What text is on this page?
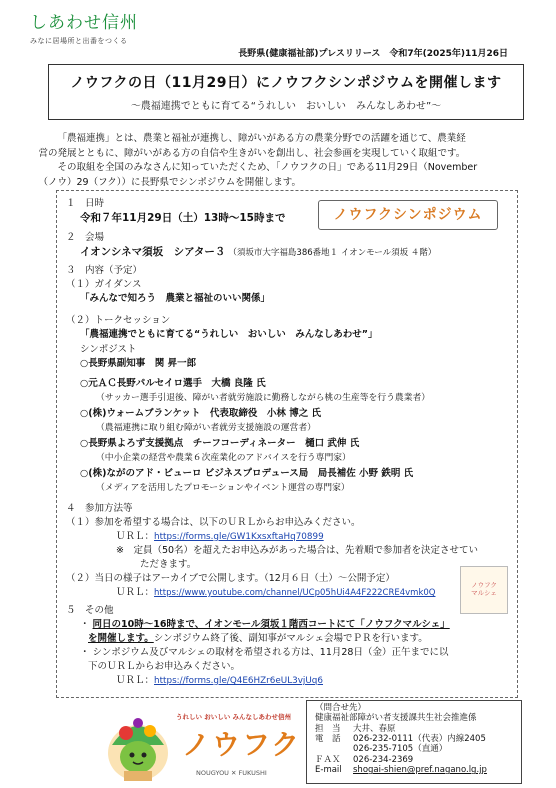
しあわせ信州
みなに居場所と出番をつくる
長野県(健康福祉部)プレスリリース　令和7年(2025年)11月26日
ノウフクの日（11月29日）にノウフクシンポジウムを開催します
～農福連携でともに育てる“うれしい　おいしい　みんなしあわせ”～

「農福連携」とは、農業と福祉が連携し、障がいがある方の農業分野での活躍を通じて、農業経
営の発展とともに、障がいがある方の自信や生きがいを創出し、社会参画を実現していく取組です。

その取組を全国のみなさんに知っていただくため、「ノウフクの日」である11月29日（November
（ノウ）29（フク））に長野県でシンポジウムを開催します。

ノウフクシンポジウム
１　日時
令和７年11月29日（土）13時～15時まで
２　会場
イオンシネマ須坂　シアター３ （須坂市大字福島386番地１ イオンモール須坂 ４階）
３　内容（予定）
（１）ガイダンス
「みんなで知ろう　農業と福祉のいい関係」
（２）トークセッション
「農福連携でともに育てる“うれしい　おいしい　みんなしあわせ”」
シンポジスト
○長野県副知事　関 昇一郎
○元ＡＣ長野パルセイロ選手　大橋 良隆 氏
（サッカー選手引退後、障がい者就労施設に勤務しながら桃の生産等を行う農業者）
○(株)ウォームブランケット　代表取締役　小林 博之 氏
（農福連携に取り組む障がい者就労支援施設の運営者）
○長野県よろず支援拠点　チーフコーディネーター　樋口 武伸 氏
（中小企業の経営や農業６次産業化のアドバイスを行う専門家）
○(株)ながのアド・ビューロ ビジネスプロデュース局　局長補佐 小野 鉄明 氏
（メディアを活用したプロモーションやイベント運営の専門家）
４　参加方法等
（１）参加を希望する場合は、以下のＵＲＬからお申込みください。
ＵＲＬ：https://forms.gle/GW1KxsxftaHq70899
※　定員（50名）を超えたお申込みがあった場合は、先着順で参加者を決定させてい
ただきます。
（２）当日の様子はアーカイブで公開します。（12月６日（土）～公開予定）
ＵＲＬ：https://www.youtube.com/channel/UCp05hUi4A4F222CRE4vmk0Q
ノウフク
マルシェ
５　その他
・ 同日の10時～16時まで、イオンモール須坂１階西コートにて「ノウフクマルシェ」
を開催します。シンポジウム終了後、副知事がマルシェ会場でＰＲを行います。
・ シンポジウム及びマルシェの取材を希望される方は、11月28日（金）正午までに以
下のＵＲＬからお申込みください。
ＵＲＬ：https://forms.gle/Q4E6HZr6eUL3vjUq6
うれしい おいしい みんなしあわせ信州
ノウフク
NOUGYOU ✕ FUKUSHI
（問合せ先）
健康福祉部障がい者支援課共生社会推進係
担　当	大井、春原
電　話	026-232-0111（代表）内線2405
026-235-7105（直通）
ＦＡＸ	026-234-2369
E-mail	shogai-shien@pref.nagano.lg.jp
